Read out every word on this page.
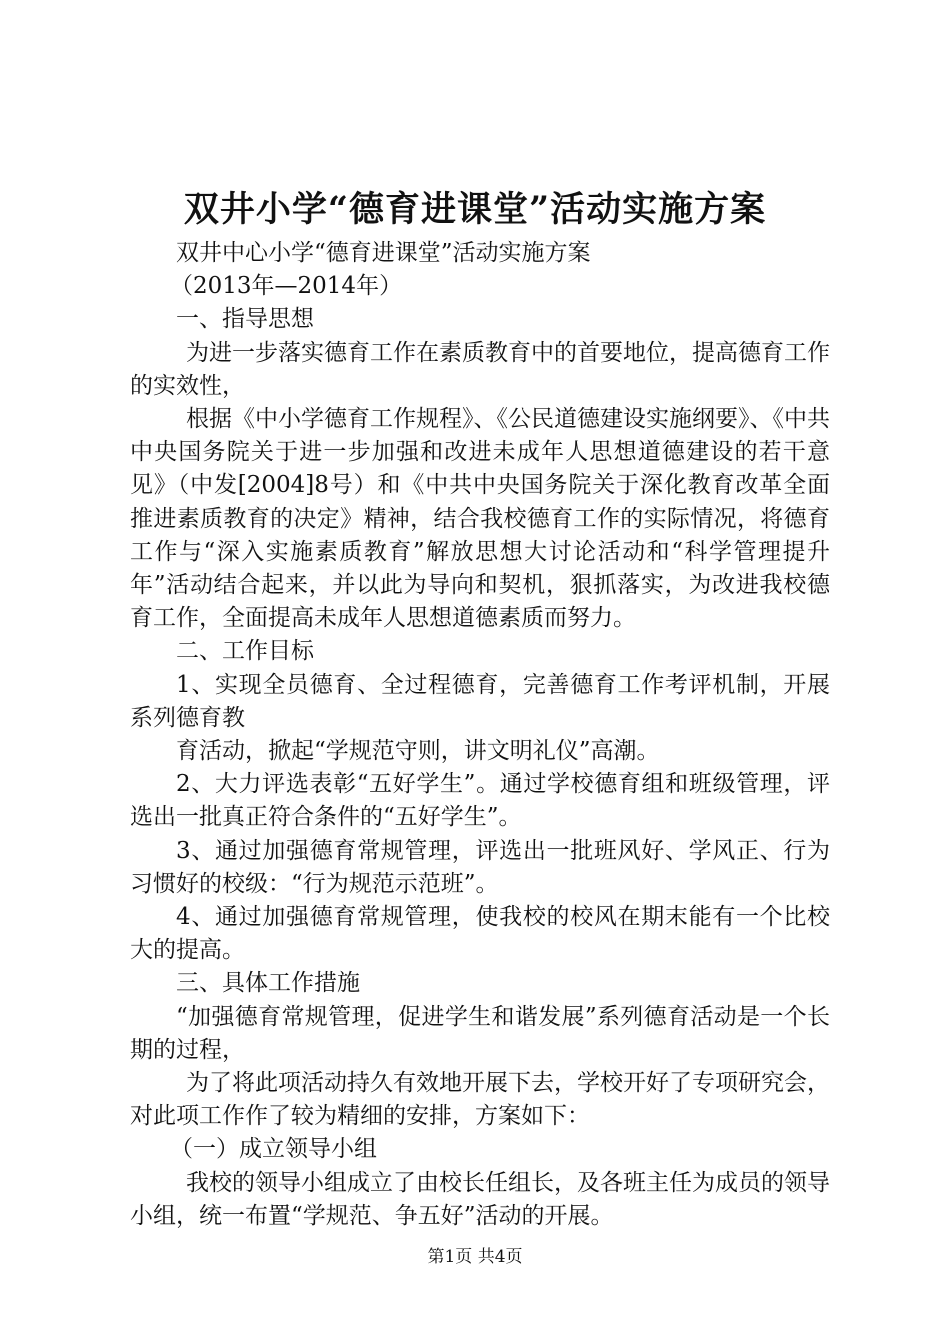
双井小学“德育进课堂”活动实施方案

双井中心小学“德育进课堂”活动实施方案

（2013年—2014年）

一、指导思想

为进一步落实德育工作在素质教育中的首要地位，提高德育工作的实效性，

根据《中小学德育工作规程》、《公民道德建设实施纲要》、《中共中央国务院关于进一步加强和改进未成年人思想道德建设的若干意见》（中发[2004]8号）和《中共中央国务院关于深化教育改革全面推进素质教育的决定》精神，结合我校德育工作的实际情况，将德育工作与“深入实施素质教育”解放思想大讨论活动和“科学管理提升年”活动结合起来，并以此为导向和契机，狠抓落实，为改进我校德育工作，全面提高未成年人思想道德素质而努力。

二、工作目标

1、实现全员德育、全过程德育，完善德育工作考评机制，开展系列德育教

育活动，掀起“学规范守则，讲文明礼仪”高潮。

2、大力评选表彰“五好学生”。通过学校德育组和班级管理，评选出一批真正符合条件的“五好学生”。

3、通过加强德育常规管理，评选出一批班风好、学风正、行为习惯好的校级：“行为规范示范班”。

4、通过加强德育常规管理，使我校的校风在期末能有一个比校大的提高。

三、具体工作措施

“加强德育常规管理，促进学生和谐发展”系列德育活动是一个长期的过程，

为了将此项活动持久有效地开展下去，学校开好了专项研究会，对此项工作作了较为精细的安排，方案如下：

（一）成立领导小组

我校的领导小组成立了由校长任组长，及各班主任为成员的领导小组，统一布置“学规范、争五好”活动的开展。

第1页 共4页
